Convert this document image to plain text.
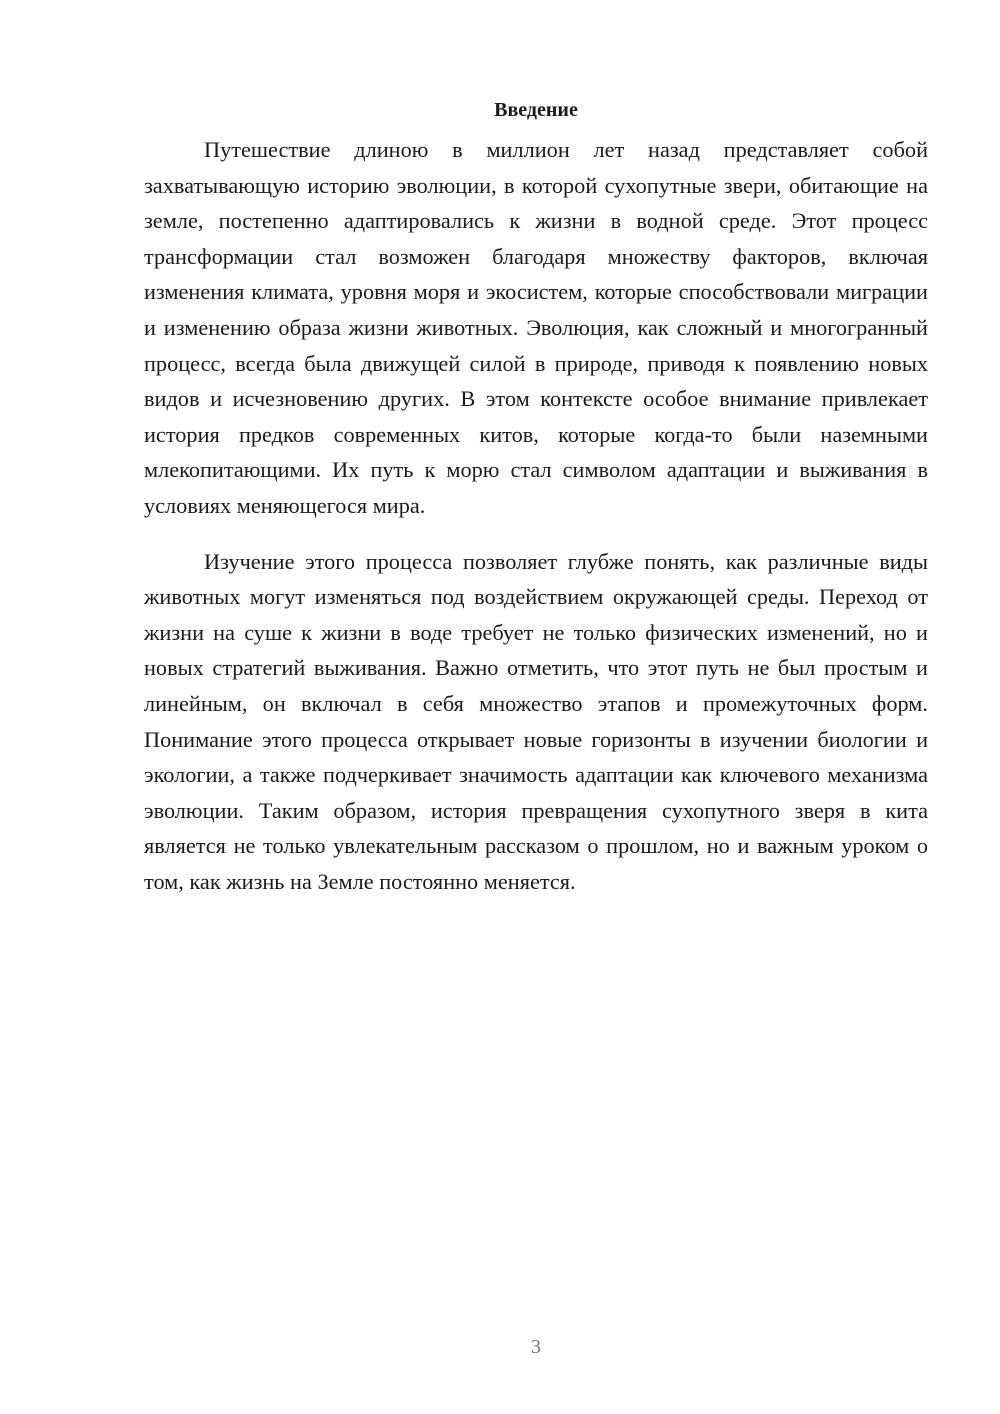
Введение

Путешествие длиною в миллион лет назад представляет собой захватывающую историю эволюции, в которой сухопутные звери, обитающие на земле, постепенно адаптировались к жизни в водной среде. Этот процесс трансформации стал возможен благодаря множеству факторов, включая изменения климата, уровня моря и экосистем, которые способствовали миграции и изменению образа жизни животных. Эволюция, как сложный и многогранный процесс, всегда была движущей силой в природе, приводя к появлению новых видов и исчезновению других. В этом контексте особое внимание привлекает история предков современных китов, которые когда-то были наземными млекопитающими. Их путь к морю стал символом адаптации и выживания в условиях меняющегося мира.

Изучение этого процесса позволяет глубже понять, как различные виды животных могут изменяться под воздействием окружающей среды. Переход от жизни на суше к жизни в воде требует не только физических изменений, но и новых стратегий выживания. Важно отметить, что этот путь не был простым и линейным, он включал в себя множество этапов и промежуточных форм. Понимание этого процесса открывает новые горизонты в изучении биологии и экологии, а также подчеркивает значимость адаптации как ключевого механизма эволюции. Таким образом, история превращения сухопутного зверя в кита является не только увлекательным рассказом о прошлом, но и важным уроком о том, как жизнь на Земле постоянно меняется.

3
